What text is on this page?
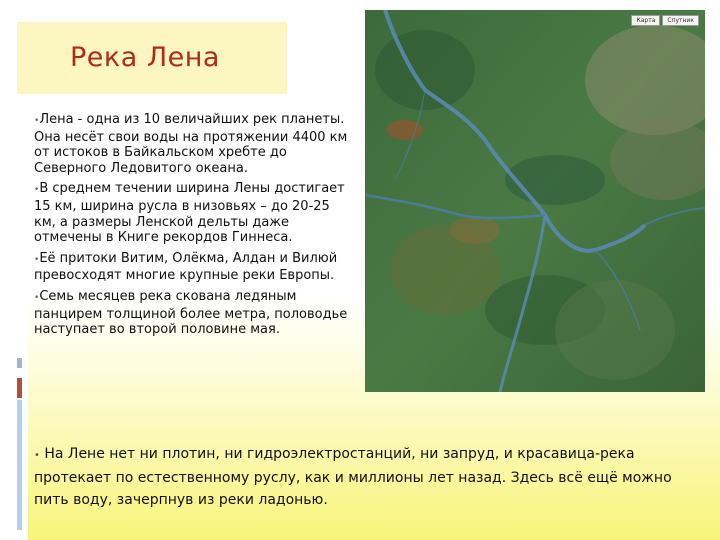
Река Лена

•Лена - одна из 10 величайших рек планеты. Она несёт свои воды на протяжении 4400 км от истоков в Байкальском хребте до Северного Ледовитого океана.

•В среднем течении ширина Лены достигает 15 км, ширина русла в низовьях – до 20-25 км, а размеры Ленской дельты даже отмечены в Книге рекордов Гиннеса.

•Её притоки Витим, Олёкма, Алдан и Вилюй превосходят многие крупные реки Европы.

•Семь месяцев река скована ледяным панцирем толщиной более метра, половодье наступает во второй половине мая.

Карта	Спутник

• На Лене нет ни плотин, ни гидроэлектростанций, ни запруд, и красавица-река протекает по естественному руслу, как и миллионы лет назад. Здесь всё ещё можно пить воду, зачерпнув из реки ладонью.
